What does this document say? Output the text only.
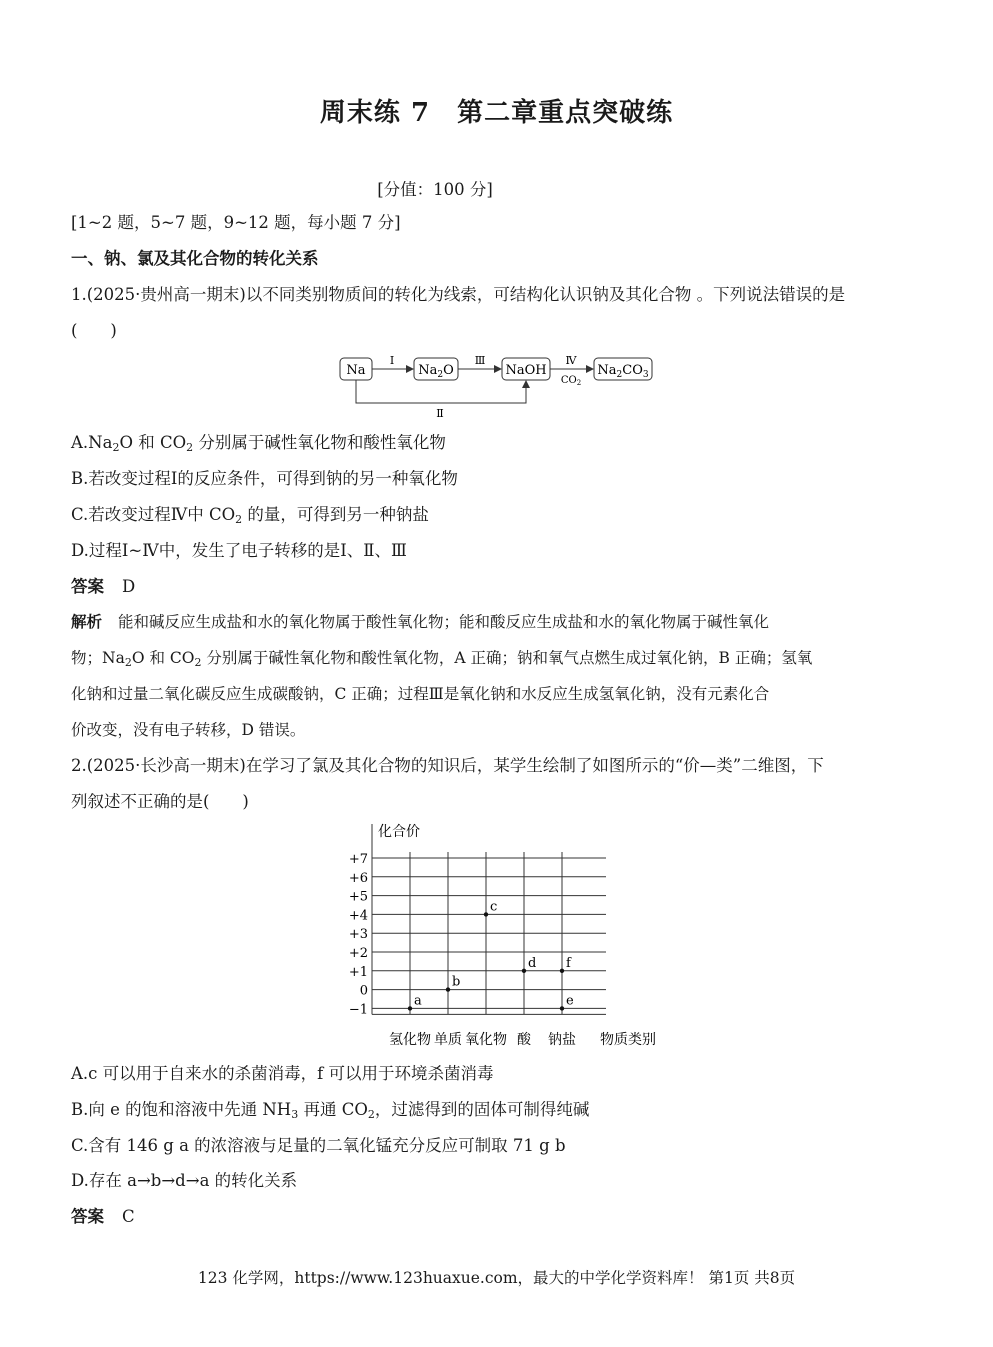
周末练 7　第二章重点突破练
[分值：100 分]
[1~2 题，5~7 题，9~12 题，每小题 7 分]
一、钠、氯及其化合物的转化关系
1.(2025·贵州高一期末)以不同类别物质间的转化为线索，可结构化认识钠及其化合物 。下列说法错误的是
(　　)
Na	$Na_2O$	NaOH	$Na_2CO_3$
Ⅰ	Ⅲ	Ⅳ
$CO_2$
Ⅱ
$A.Na_2O$ 和 $CO_2$ 分别属于碱性氧化物和酸性氧化物
B.若改变过程Ⅰ的反应条件，可得到钠的另一种氧化物
C.若改变过程Ⅳ中 $CO_2$ 的量，可得到另一种钠盐
D.过程Ⅰ~Ⅳ中，发生了电子转移的是Ⅰ、Ⅱ、Ⅲ
答案 D
解析 能和碱反应生成盐和水的氧化物属于酸性氧化物；能和酸反应生成盐和水的氧化物属于碱性氧化
物；$Na_2O$ 和 $CO_2$ 分别属于碱性氧化物和酸性氧化物，A 正确；钠和氧气点燃生成过氧化钠，B 正确；氢氧
化钠和过量二氧化碳反应生成碳酸钠，C 正确；过程Ⅲ是氧化钠和水反应生成氢氧化钠，没有元素化合
价改变，没有电子转移，D 错误。
2.(2025·长沙高一期末)在学习了氯及其化合物的知识后，某学生绘制了如图所示的“价—类”二维图，下
列叙述不正确的是(　　)
+7
+6
+5
+4
+3
+2
+1
0
−1
氢化物 单质 氧化物 酸 钠盐
a
b
c
d
e
f
化合价
物质类别
A.c 可以用于自来水的杀菌消毒，f 可以用于环境杀菌消毒
B.向 e 的饱和溶液中先通 $NH_3$ 再通 $CO_2$，过滤得到的固体可制得纯碱
C.含有 146 g a 的浓溶液与足量的二氧化锰充分反应可制取 71 g b
D.存在 a→b→d→a 的转化关系
答案 C
123 化学网，https://www.123huaxue.com，最大的中学化学资料库！ 第1页 共8页
